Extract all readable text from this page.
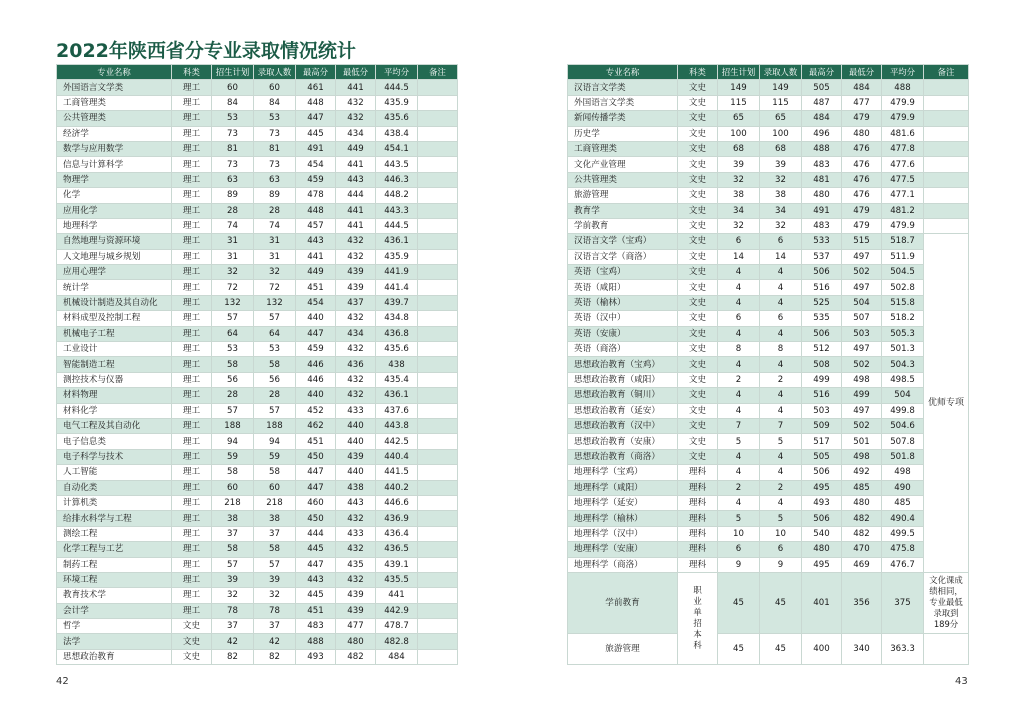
2022年陕西省分专业录取情况统计
专业名称	科类	招生计划	录取人数	最高分	最低分	平均分	备注
外国语言文学类	理工	60	60	461	441	444.5	
工商管理类	理工	84	84	448	432	435.9	
公共管理类	理工	53	53	447	432	435.6	
经济学	理工	73	73	445	434	438.4	
数学与应用数学	理工	81	81	491	449	454.1	
信息与计算科学	理工	73	73	454	441	443.5	
物理学	理工	63	63	459	443	446.3	
化学	理工	89	89	478	444	448.2	
应用化学	理工	28	28	448	441	443.3	
地理科学	理工	74	74	457	441	444.5	
自然地理与资源环境	理工	31	31	443	432	436.1	
人文地理与城乡规划	理工	31	31	441	432	435.9	
应用心理学	理工	32	32	449	439	441.9	
统计学	理工	72	72	451	439	441.4	
机械设计制造及其自动化	理工	132	132	454	437	439.7	
材料成型及控制工程	理工	57	57	440	432	434.8	
机械电子工程	理工	64	64	447	434	436.8	
工业设计	理工	53	53	459	432	435.6	
智能制造工程	理工	58	58	446	436	438	
测控技术与仪器	理工	56	56	446	432	435.4	
材料物理	理工	28	28	440	432	436.1	
材料化学	理工	57	57	452	433	437.6	
电气工程及其自动化	理工	188	188	462	440	443.8	
电子信息类	理工	94	94	451	440	442.5	
电子科学与技术	理工	59	59	450	439	440.4	
人工智能	理工	58	58	447	440	441.5	
自动化类	理工	60	60	447	438	440.2	
计算机类	理工	218	218	460	443	446.6	
给排水科学与工程	理工	38	38	450	432	436.9	
测绘工程	理工	37	37	444	433	436.4	
化学工程与工艺	理工	58	58	445	432	436.5	
制药工程	理工	57	57	447	435	439.1	
环境工程	理工	39	39	443	432	435.5	
教育技术学	理工	32	32	445	439	441	
会计学	理工	78	78	451	439	442.9	
哲学	文史	37	37	483	477	478.7	
法学	文史	42	42	488	480	482.8	
思想政治教育	文史	82	82	493	482	484	
专业名称	科类	招生计划	录取人数	最高分	最低分	平均分	备注
汉语言文学类	文史	149	149	505	484	488	
外国语言文学类	文史	115	115	487	477	479.9	
新闻传播学类	文史	65	65	484	479	479.9	
历史学	文史	100	100	496	480	481.6	
工商管理类	文史	68	68	488	476	477.8	
文化产业管理	文史	39	39	483	476	477.6	
公共管理类	文史	32	32	481	476	477.5	
旅游管理	文史	38	38	480	476	477.1	
教育学	文史	34	34	491	479	481.2	
学前教育	文史	32	32	483	479	479.9	
汉语言文学（宝鸡）	文史	6	6	533	515	518.7	优师专项
汉语言文学（商洛）	文史	14	14	537	497	511.9	
英语（宝鸡）	文史	4	4	506	502	504.5	
英语（咸阳）	文史	4	4	516	497	502.8	
英语（榆林）	文史	4	4	525	504	515.8	
英语（汉中）	文史	6	6	535	507	518.2	
英语（安康）	文史	4	4	506	503	505.3	
英语（商洛）	文史	8	8	512	497	501.3	
思想政治教育（宝鸡）	文史	4	4	508	502	504.3	
思想政治教育（咸阳）	文史	2	2	499	498	498.5	
思想政治教育（铜川）	文史	4	4	516	499	504	
思想政治教育（延安）	文史	4	4	503	497	499.8	
思想政治教育（汉中）	文史	7	7	509	502	504.6	
思想政治教育（安康）	文史	5	5	517	501	507.8	
思想政治教育（商洛）	文史	4	4	505	498	501.8	
地理科学（宝鸡）	理科	4	4	506	492	498	
地理科学（咸阳）	理科	2	2	495	485	490	
地理科学（延安）	理科	4	4	493	480	485	
地理科学（榆林）	理科	5	5	506	482	490.4	
地理科学（汉中）	理科	10	10	540	482	499.5	
地理科学（安康）	理科	6	6	480	470	475.8	
地理科学（商洛）	理科	9	9	495	469	476.7	
学前教育	职业单招本科	45	45	401	356	375	文化课成绩相同，专业最低录取到189分
旅游管理		45	45	400	340	363.3	
42	43
